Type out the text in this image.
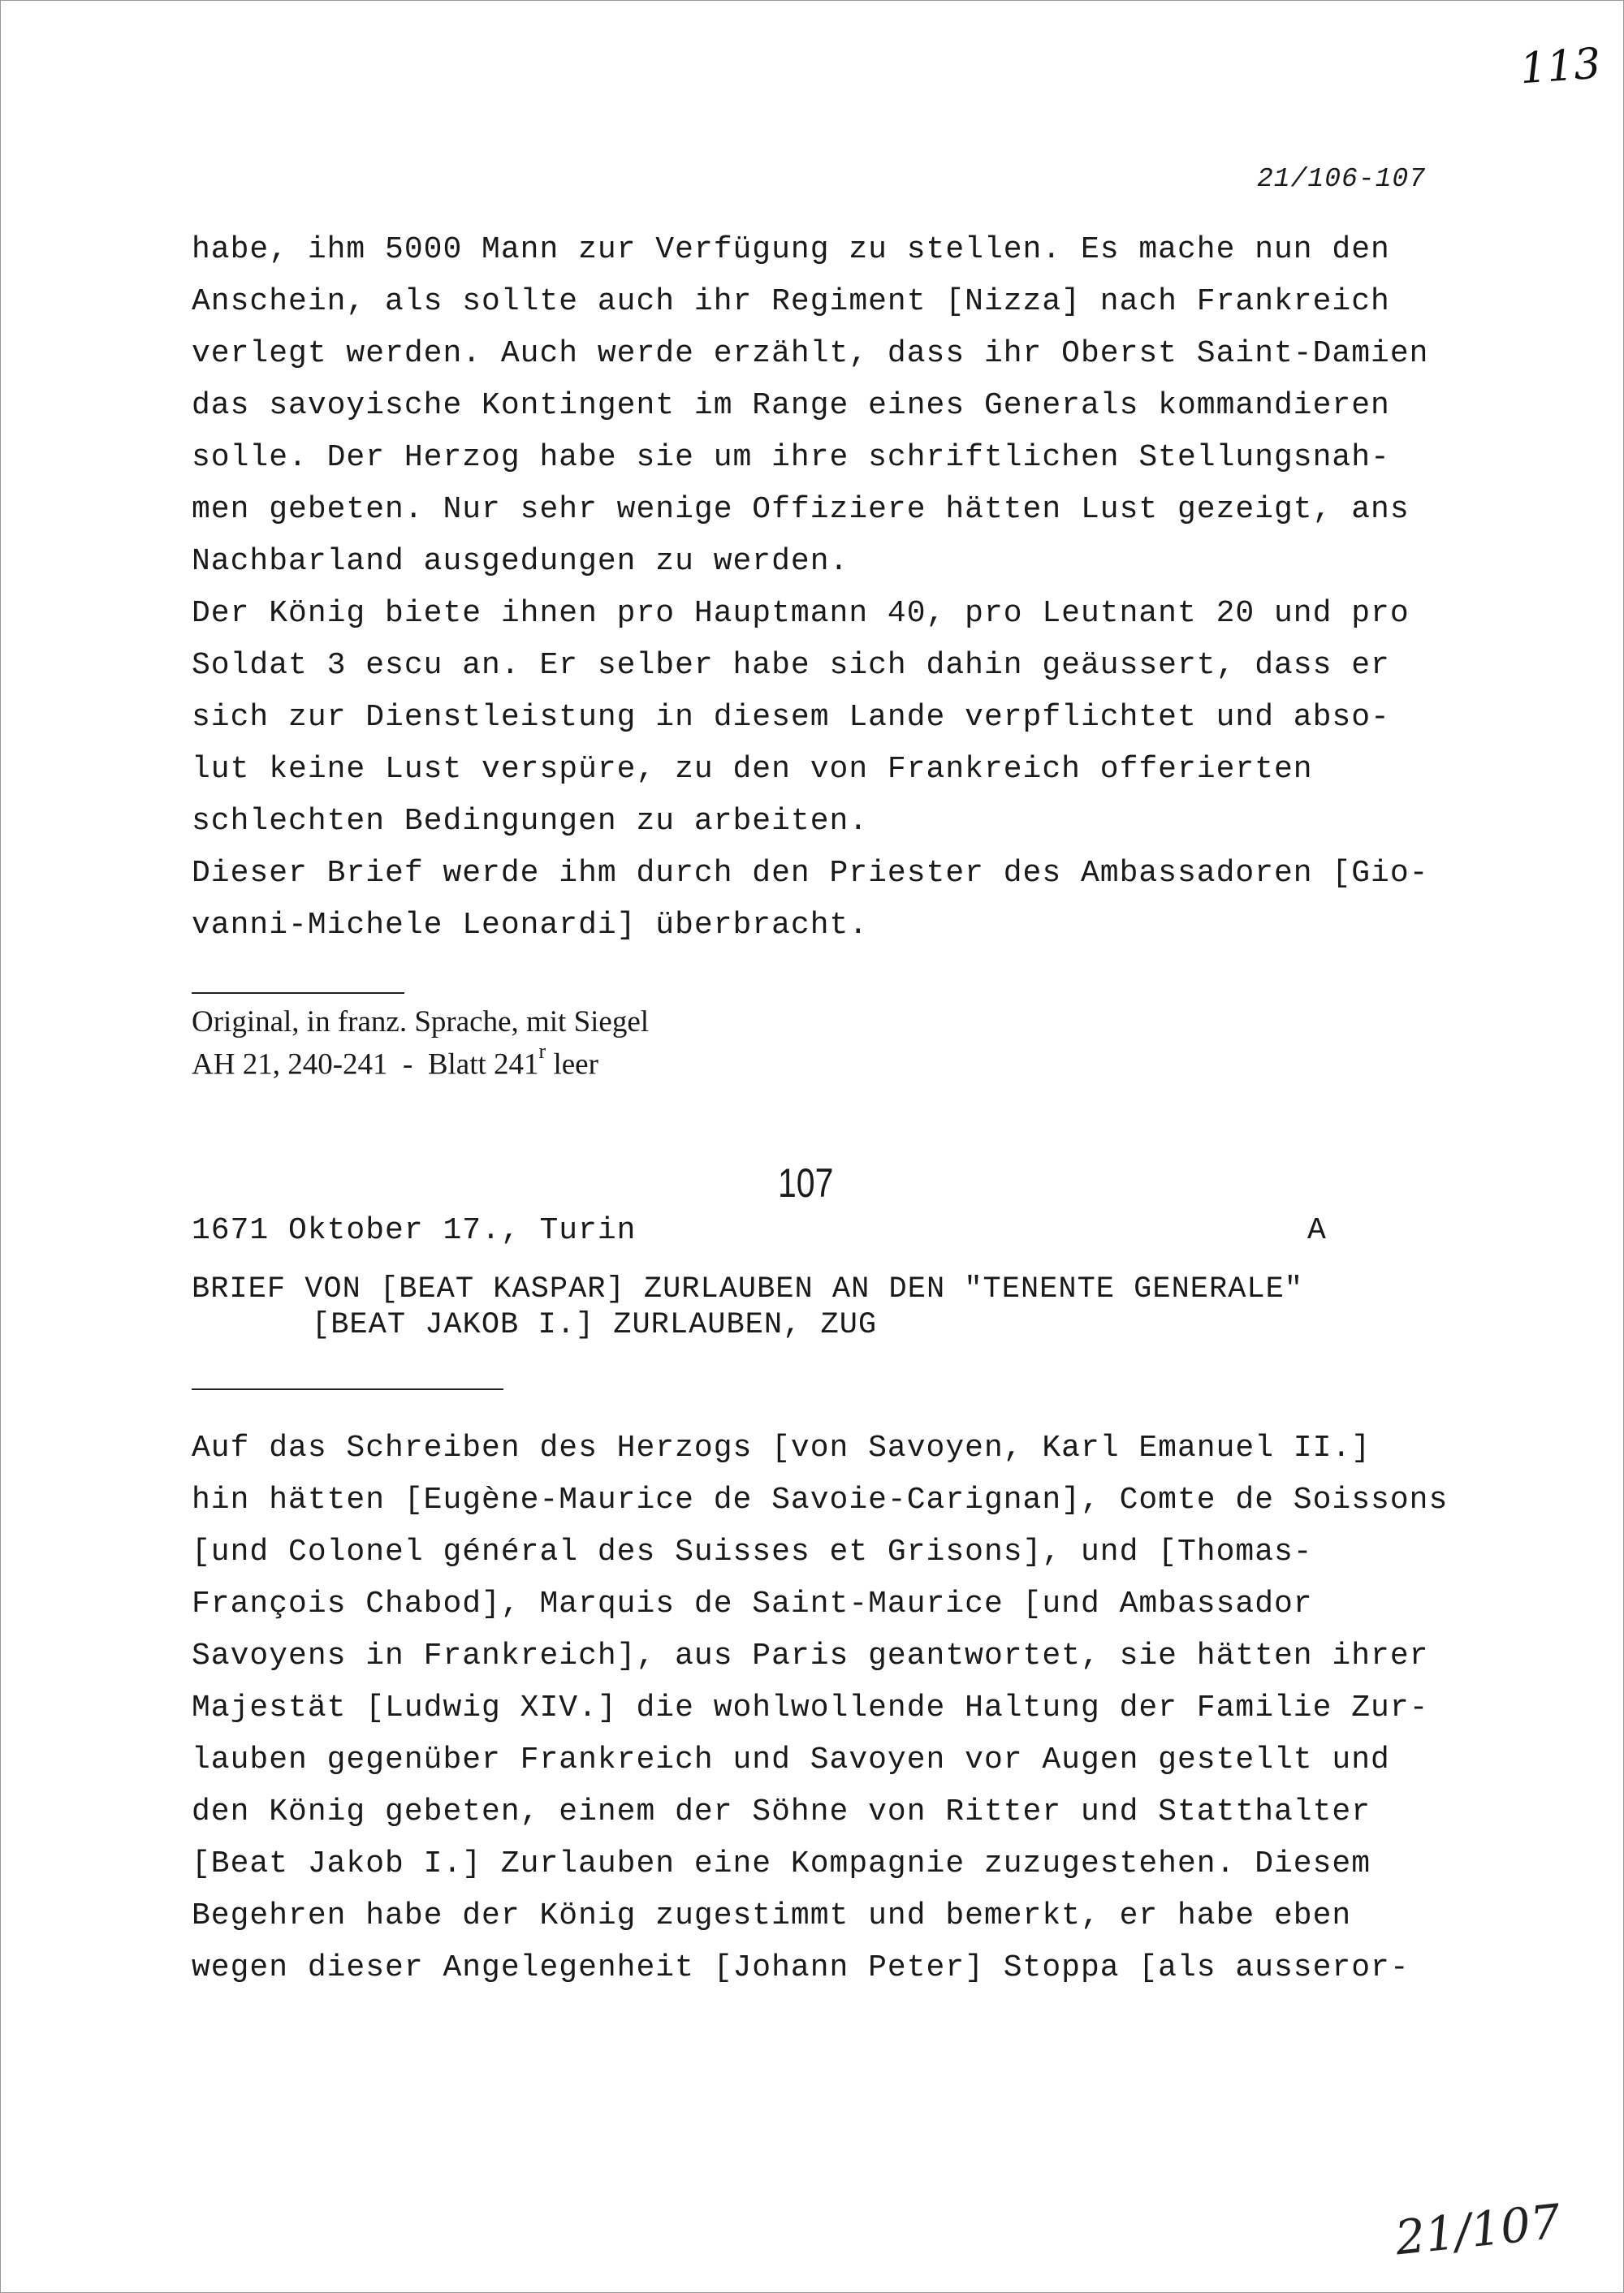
113
21/106-107
habe, ihm 5000 Mann zur Verfügung zu stellen. Es mache nun den
Anschein, als sollte auch ihr Regiment [Nizza] nach Frankreich
verlegt werden. Auch werde erzählt, dass ihr Oberst Saint-Damien
das savoyische Kontingent im Range eines Generals kommandieren
solle. Der Herzog habe sie um ihre schriftlichen Stellungsnah-
men gebeten. Nur sehr wenige Offiziere hätten Lust gezeigt, ans
Nachbarland ausgedungen zu werden.
Der König biete ihnen pro Hauptmann 40, pro Leutnant 20 und pro
Soldat 3 escu an. Er selber habe sich dahin geäussert, dass er
sich zur Dienstleistung in diesem Lande verpflichtet und abso-
lut keine Lust verspüre, zu den von Frankreich offerierten
schlechten Bedingungen zu arbeiten.
Dieser Brief werde ihm durch den Priester des Ambassadoren [Gio-
vanni-Michele Leonardi] überbracht.
Original, in franz. Sprache, mit Siegel
AH 21, 240-241  -  Blatt 241$^r$ leer
107
1671 Oktober 17., Turin	A
BRIEF VON [BEAT KASPAR] ZURLAUBEN AN DEN "TENENTE GENERALE"
[BEAT JAKOB I.] ZURLAUBEN, ZUG
Auf das Schreiben des Herzogs [von Savoyen, Karl Emanuel II.]
hin hätten [Eugène-Maurice de Savoie-Carignan], Comte de Soissons
[und Colonel général des Suisses et Grisons], und [Thomas-
François Chabod], Marquis de Saint-Maurice [und Ambassador
Savoyens in Frankreich], aus Paris geantwortet, sie hätten ihrer
Majestät [Ludwig XIV.] die wohlwollende Haltung der Familie Zur-
lauben gegenüber Frankreich und Savoyen vor Augen gestellt und
den König gebeten, einem der Söhne von Ritter und Statthalter
[Beat Jakob I.] Zurlauben eine Kompagnie zuzugestehen. Diesem
Begehren habe der König zugestimmt und bemerkt, er habe eben
wegen dieser Angelegenheit [Johann Peter] Stoppa [als ausseror-
21/107
